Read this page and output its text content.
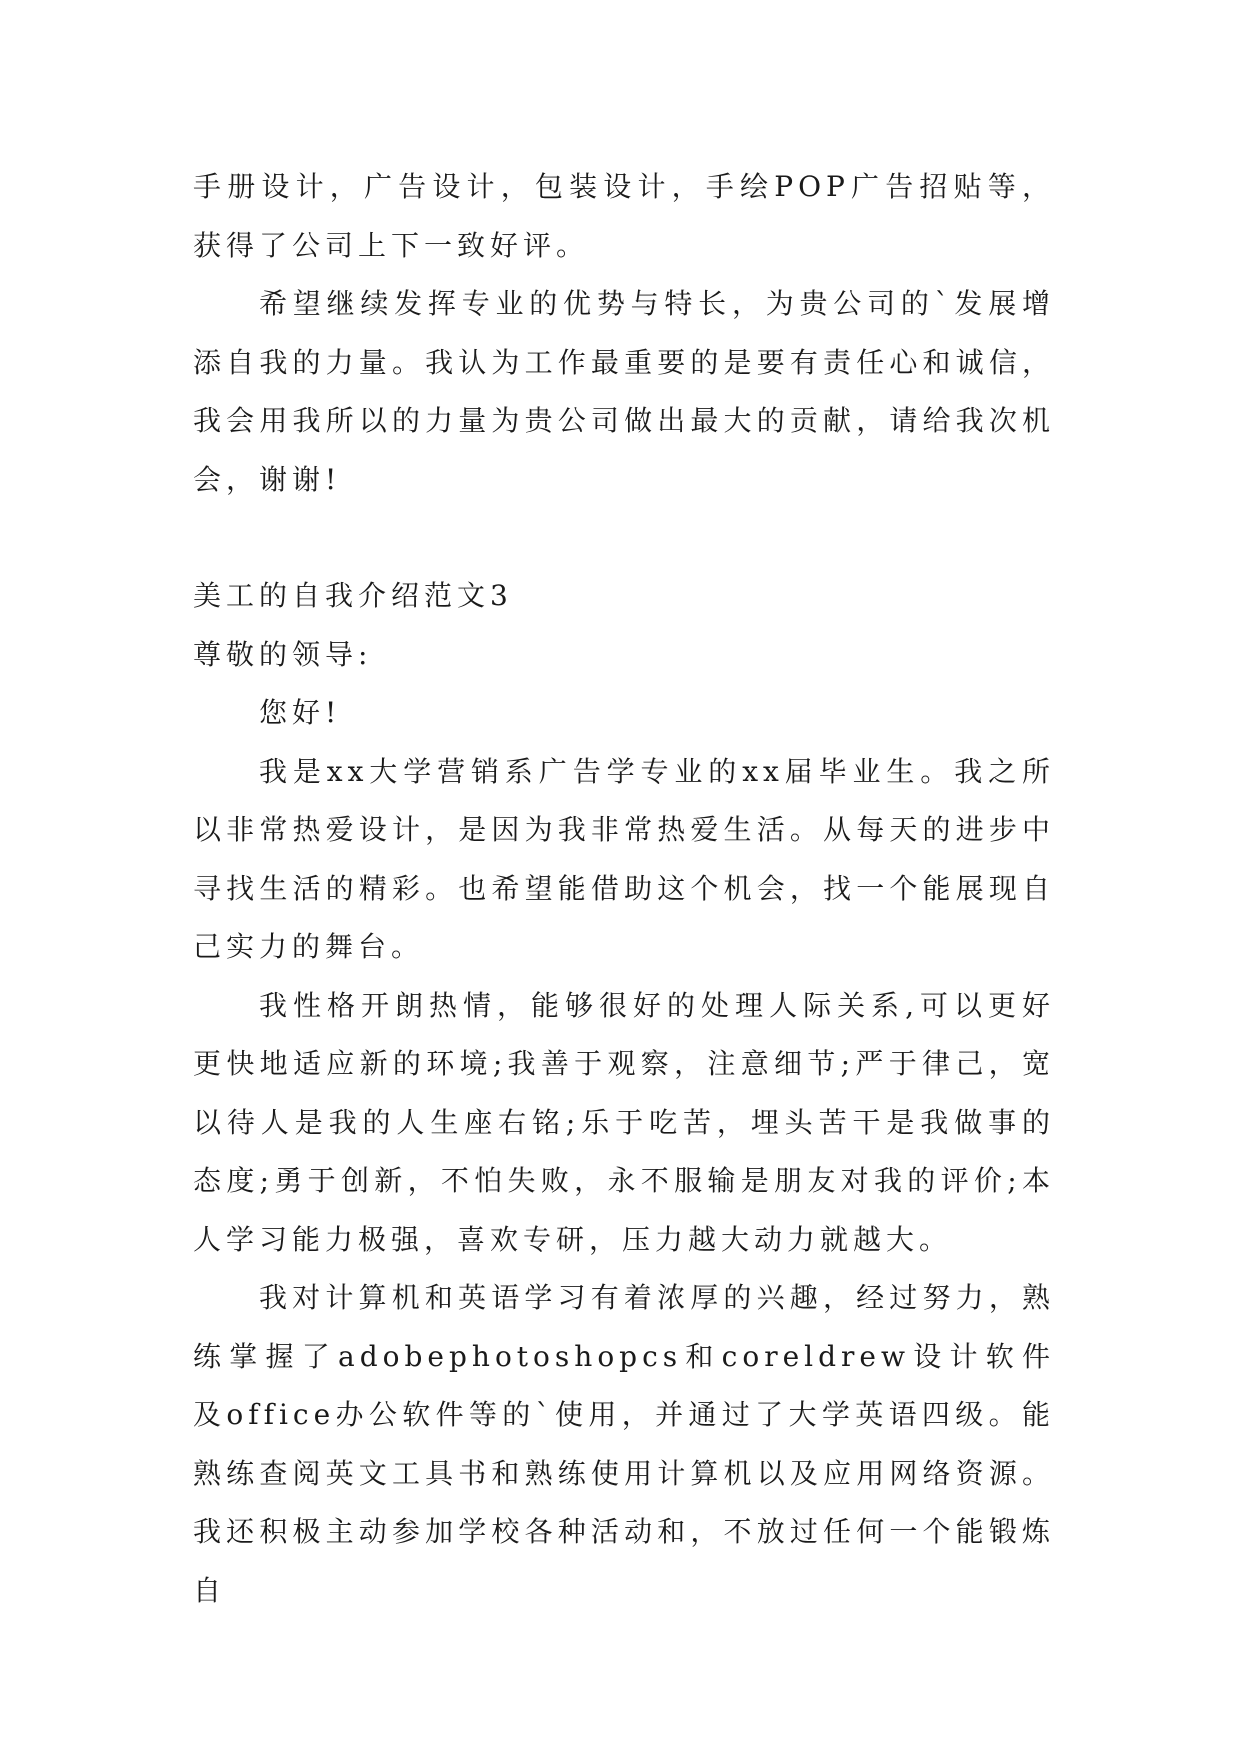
手册设计，广告设计，包装设计，手绘POP广告招贴等，获得了公司上下一致好评。

希望继续发挥专业的优势与特长，为贵公司的`发展增添自我的力量。我认为工作最重要的是要有责任心和诚信，我会用我所以的力量为贵公司做出最大的贡献，请给我次机会，谢谢!

美工的自我介绍范文3

尊敬的领导:

您好!

我是xx大学营销系广告学专业的xx届毕业生。我之所以非常热爱设计，是因为我非常热爱生活。从每天的进步中寻找生活的精彩。也希望能借助这个机会，找一个能展现自己实力的舞台。

我性格开朗热情，能够很好的处理人际关系,可以更好更快地适应新的环境;我善于观察，注意细节;严于律己，宽以待人是我的人生座右铭;乐于吃苦，埋头苦干是我做事的态度;勇于创新，不怕失败，永不服输是朋友对我的评价;本人学习能力极强，喜欢专研，压力越大动力就越大。

我对计算机和英语学习有着浓厚的兴趣，经过努力，熟练掌握了adobephotoshopcs和coreldrew设计软件及office办公软件等的`使用，并通过了大学英语四级。能熟练查阅英文工具书和熟练使用计算机以及应用网络资源。我还积极主动参加学校各种活动和，不放过任何一个能锻炼自
